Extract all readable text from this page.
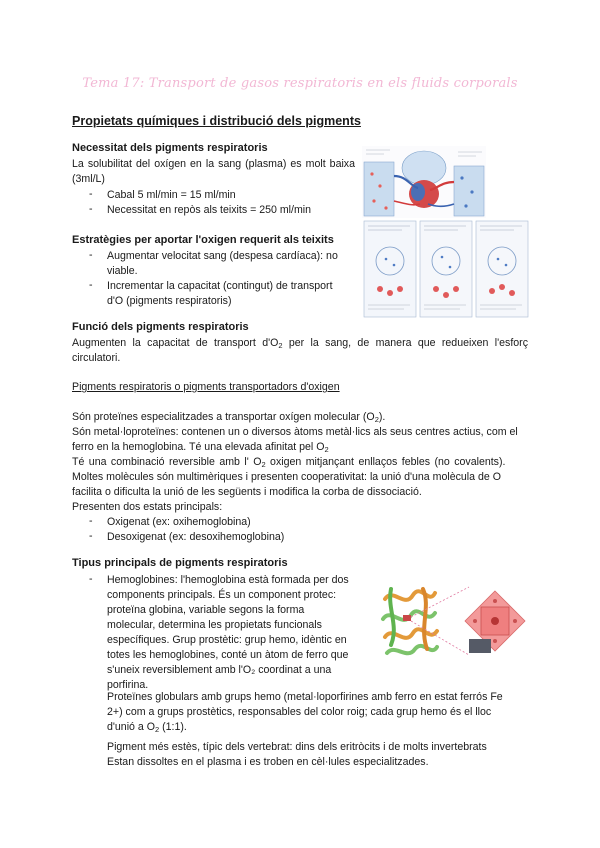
Tema 17: Transport de gasos respiratoris en els fluids corporals
Propietats químiques i distribució dels pigments
Necessitat dels pigments respiratoris

La solubilitat del oxígen en la sang (plasma) es molt baixa (3ml/L)

- Cabal 5 ml/min = 15 ml/min
- Necessitat en repòs als teixits = 250 ml/min
Estratègies per aportar l'oxigen requerit als teixits
- Augmentar velocitat sang (despesa cardíaca): no
viable.
- Incrementar la capacitat (contingut) de transport
d'O (pigments respiratoris)
Funció dels pigments respiratoris

Augmenten la capacitat de transport $d'O_2$ per la sang, de manera que redueixen l'esforç circulatori.

Pigments respiratoris o pigments transportadors d'oxigen

Són proteïnes especialitzades a transportar oxígen molecular $(O_2)$.

Són metal·loproteïnes: contenen un o diversos àtoms metàl·lics als seus centres actius, com el ferro en la hemoglobina. Té una elevada afinitat pel $O_2$

Té una combinació reversible amb l' $O_2$ oxigen mitjançant enllaços febles (no covalents).

Moltes molècules són multimèriques i presenten cooperativitat: la unió d'una molècula de O facilita o dificulta la unió de les següents i modifica la corba de dissociació.

Presenten dos estats principals:

- Oxigenat (ex: oxihemoglobina)
- Desoxigenat (ex: desoxihemoglobina)
Tipus principals de pigments respiratoris
- Hemoglobines: l'hemoglobina està formada per dos
components principals. És un component protec:
proteïna globina, variable segons la forma
molecular, determina les propietats funcionals
específiques. Grup prostètic: grup hemo, idèntic en
totes les hemoglobines, conté un àtom de ferro que
s'uneix reversiblement amb l'O₂ coordinat a una
porfirina.
Proteïnes globulars amb grups hemo (metal·loporfirines amb ferro en estat ferrós Fe
2+) com a grups prostètics, responsables del color roig; cada grup hemo és el lloc
d'unió a $O_2$ (1:1).
Pigment més estès, típic dels vertebrat: dins dels eritròcits i de molts invertebrats
Estan dissoltes en el plasma i es troben en cèl·lules especialitzades.
